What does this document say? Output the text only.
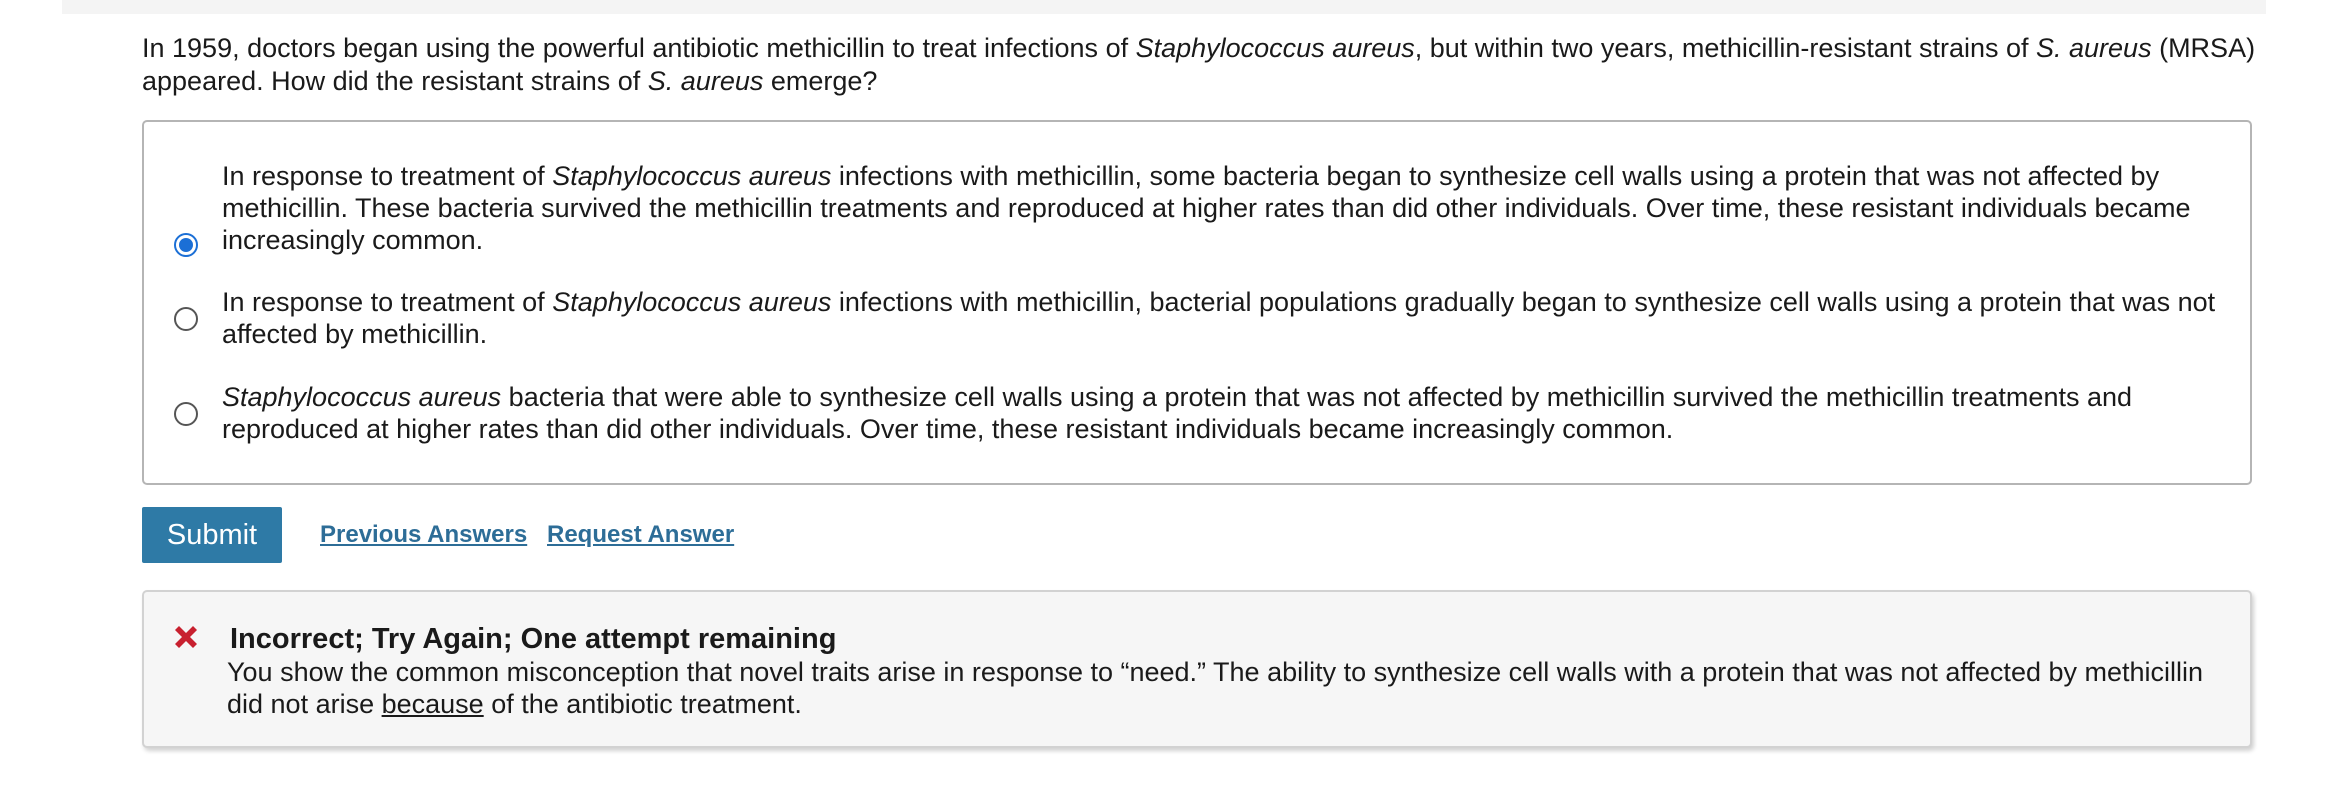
In 1959, doctors began using the powerful antibiotic methicillin to treat infections of Staphylococcus aureus, but within two years, methicillin-resistant strains of S. aureus (MRSA) appeared. How did the resistant strains of S. aureus emerge?
In response to treatment of Staphylococcus aureus infections with methicillin, some bacteria began to synthesize cell walls using a protein that was not affected by methicillin. These bacteria survived the methicillin treatments and reproduced at higher rates than did other individuals. Over time, these resistant individuals became increasingly common.
In response to treatment of Staphylococcus aureus infections with methicillin, bacterial populations gradually began to synthesize cell walls using a protein that was not affected by methicillin.
Staphylococcus aureus bacteria that were able to synthesize cell walls using a protein that was not affected by methicillin survived the methicillin treatments and reproduced at higher rates than did other individuals. Over time, these resistant individuals became increasingly common.
Submit	Previous Answers Request Answer
Incorrect; Try Again; One attempt remaining
You show the common misconception that novel traits arise in response to “need.” The ability to synthesize cell walls with a protein that was not affected by methicillin did not arise because of the antibiotic treatment.
